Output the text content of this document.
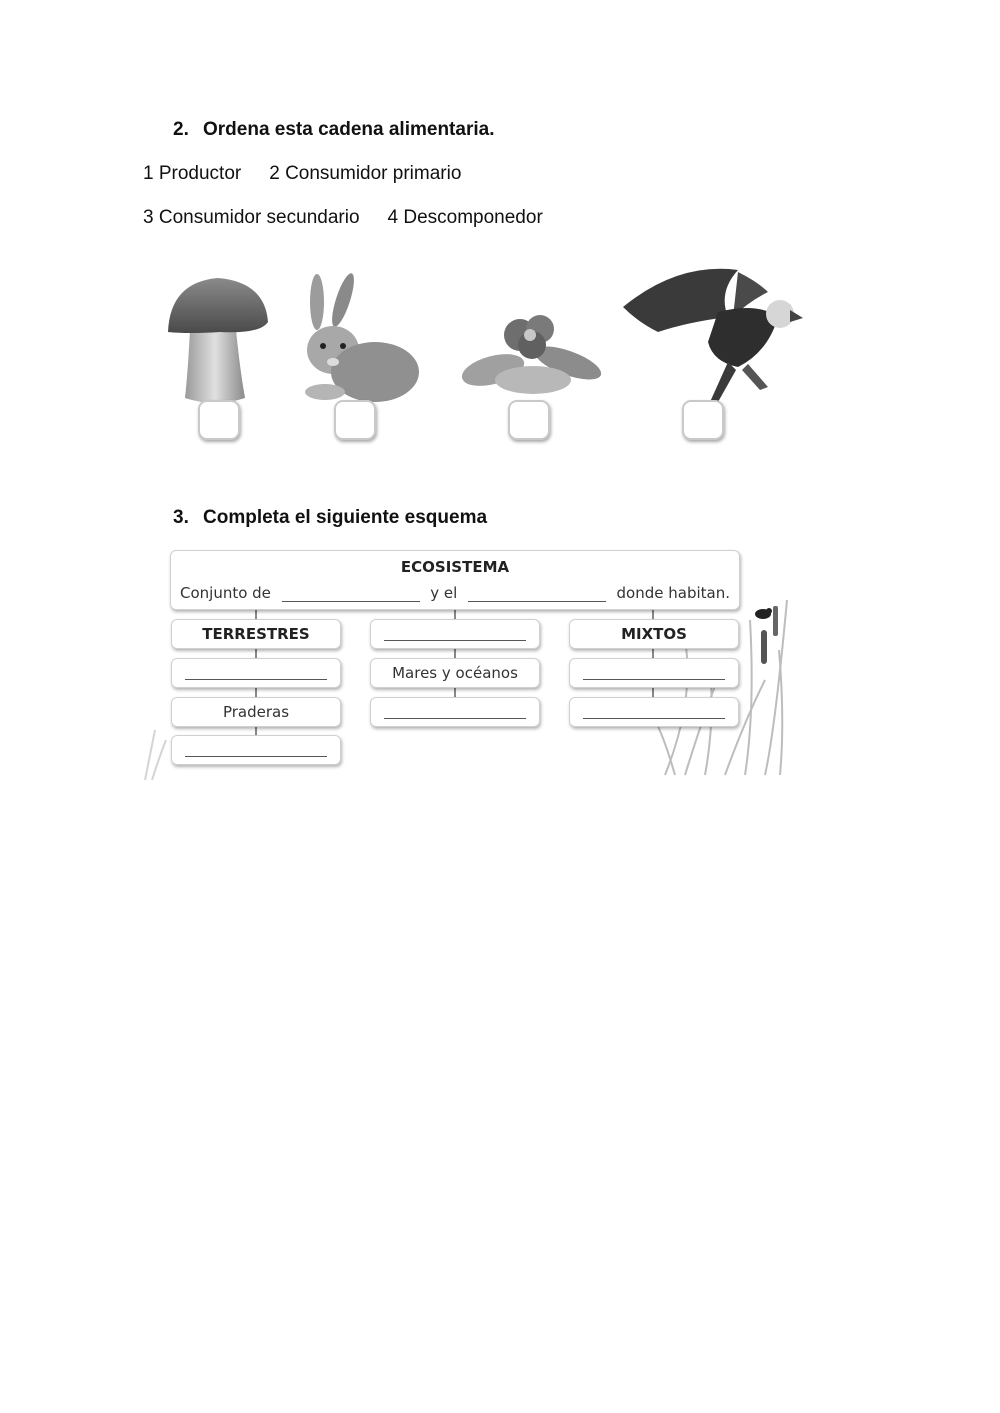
2. Ordena esta cadena alimentaria.
1 Productor 2 Consumidor primario
3 Consumidor secundario 4 Descomponedor
3. Completa el siguiente esquema
ECOSISTEMA
Conjunto de	y el	donde habitan.
TERRESTRES
Praderas
Mares y océanos
MIXTOS
